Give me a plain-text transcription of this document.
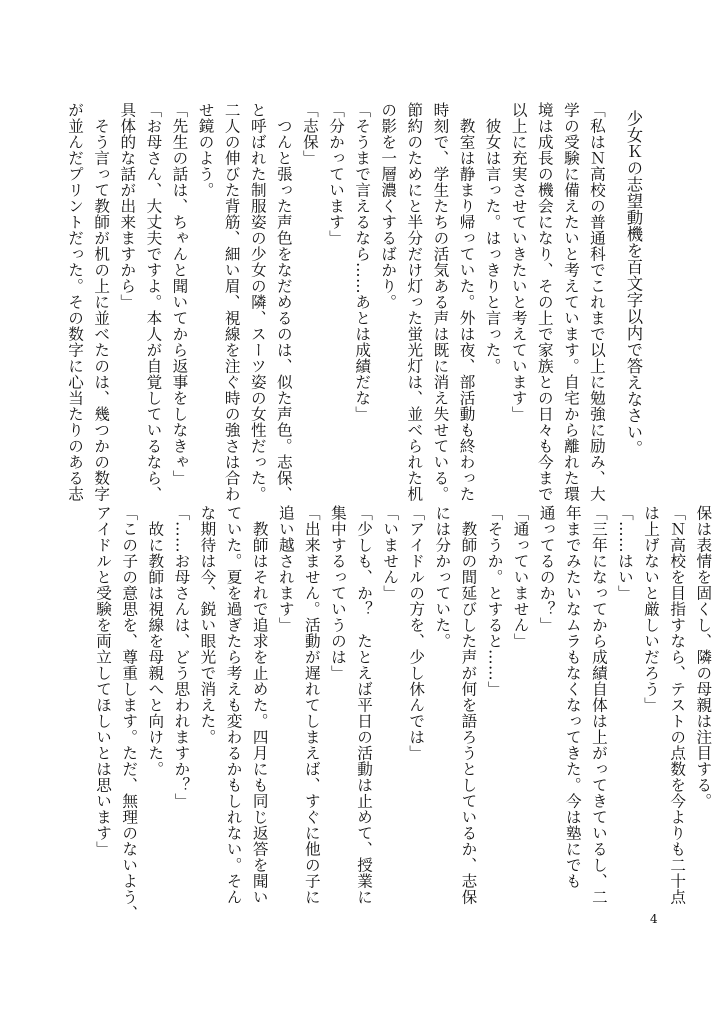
少女Ｋの志望動機を百文字以内で答えなさい。
「私はＮ高校の普通科でこれまで以上に勉強に励み、大
学の受験に備えたいと考えています。自宅から離れた環
境は成長の機会になり、その上で家族との日々も今まで
以上に充実させていきたいと考えています」
　彼女は言った。はっきりと言った。
　教室は静まり帰っていた。外は夜、部活動も終わった
時刻で、学生たちの活気ある声は既に消え失せている。
節約のためにと半分だけ灯った蛍光灯は、並べられた机
の影を一層濃くするばかり。
「そうまで言えるなら……あとは成績だな」
「分かっています」
「志保」
　つんと張った声色をなだめるのは、似た声色。志保、
と呼ばれた制服姿の少女の隣、スーツ姿の女性だった。
二人の伸びた背筋、細い眉、視線を注ぐ時の強さは合わ
せ鏡のよう。
「先生の話は、ちゃんと聞いてから返事をしなきゃ」
「お母さん、大丈夫ですよ。本人が自覚しているなら、
具体的な話が出来ますから」
　そう言って教師が机の上に並べたのは、幾つかの数字
が並んだプリントだった。その数字に心当たりのある志
保は表情を固くし、隣の母親は注目する。
「Ｎ高校を目指すなら、テストの点数を今よりも二十点
は上げないと厳しいだろう」
「……はい」
「三年になってから成績自体は上がってきているし、二
年までみたいなムラもなくなってきた。今は塾にでも
通ってるのか？」
「通っていません」
「そうか。とすると……」
　教師の間延びした声が何を語ろうとしているか、志保
には分かっていた。
「アイドルの方を、少し休んでは」
「いません」
「少しも、か？　たとえば平日の活動は止めて、授業に
集中するっていうのは」
「出来ません。活動が遅れてしまえば、すぐに他の子に
追い越されます」
　教師はそれで追求を止めた。四月にも同じ返答を聞い
ていた。夏を過ぎたら考えも変わるかもしれない。そん
な期待は今、鋭い眼光で消えた。
「……お母さんは、どう思われますか？」
　故に教師は視線を母親へと向けた。
「この子の意思を、尊重します。ただ、無理のないよう、
アイドルと受験を両立してほしいとは思います」
4
